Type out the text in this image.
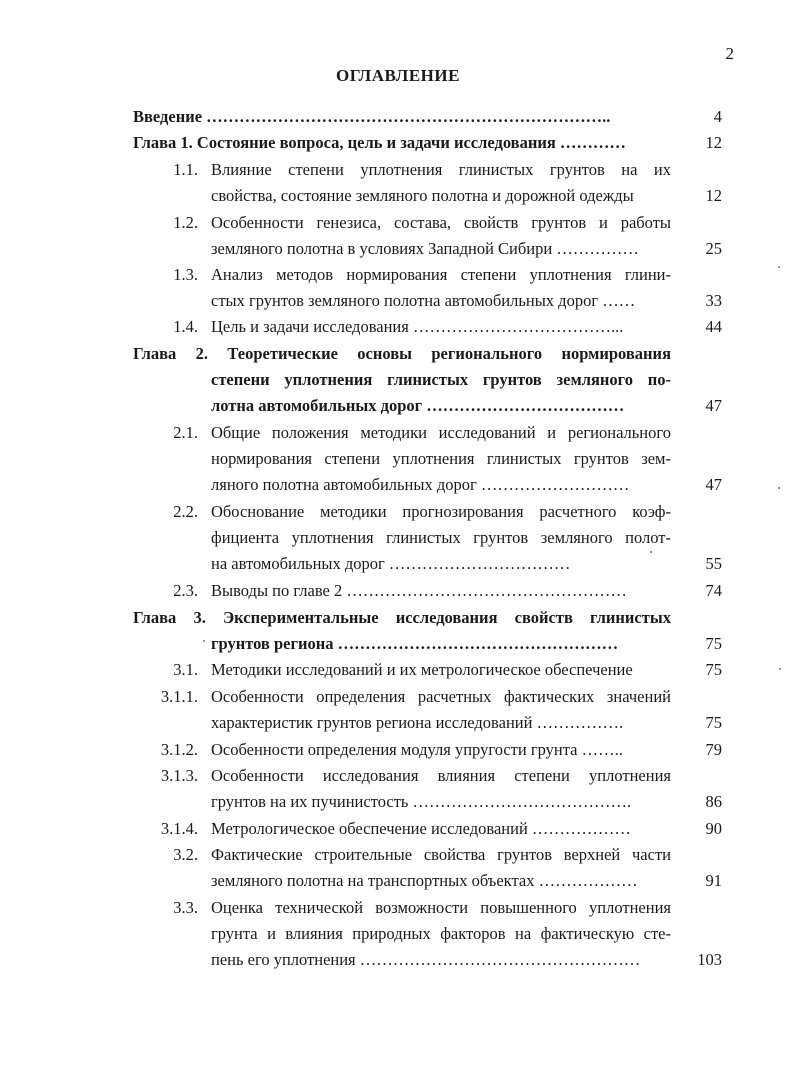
2
ОГЛАВЛЕНИЕ
Введение ………………………………………………………………..	4
Глава 1. Состояние вопроса, цель и задачи исследования …………	12
1.1. Влияние степени уплотнения глинистых грунтов на их
свойства, состояние земляного полотна и дорожной одежды	12
1.2. Особенности генезиса, состава, свойств грунтов и работы
земляного полотна в условиях Западной Сибири ……………	25
1.3. Анализ методов нормирования степени уплотнения глини-
стых грунтов земляного полотна автомобильных дорог ……	33
1.4. Цель и задачи исследования ………………………………...	44
Глава 2. Теоретические основы регионального нормирования
степени уплотнения глинистых грунтов земляного по-
лотна автомобильных дорог ………………………………	47
2.1. Общие положения методики исследований и регионального
нормирования степени уплотнения глинистых грунтов зем-
ляного полотна автомобильных дорог ………………………	47
2.2. Обоснование методики прогнозирования расчетного коэф-
фициента уплотнения глинистых грунтов земляного полот-
на автомобильных дорог ……………………………	55
2.3. Выводы по главе 2 ……………………………………………	74
Глава 3. Экспериментальные исследования свойств глинистых
грунтов региона ……………………………………………	75
3.1. Методики исследований и их метрологическое обеспечение	75
3.1.1. Особенности определения расчетных фактических значений
характеристик грунтов региона исследований …………….	75
3.1.2. Особенности определения модуля упругости грунта ……..	79
3.1.3. Особенности исследования влияния степени уплотнения
грунтов на их пучинистость ………………………………….	86
3.1.4. Метрологическое обеспечение исследований ………………	90
3.2. Фактические строительные свойства грунтов верхней части
земляного полотна на транспортных объектах ………………	91
3.3. Оценка технической возможности повышенного уплотнения
грунта и влияния природных факторов на фактическую сте-
пень его уплотнения ……………………………………………	103
